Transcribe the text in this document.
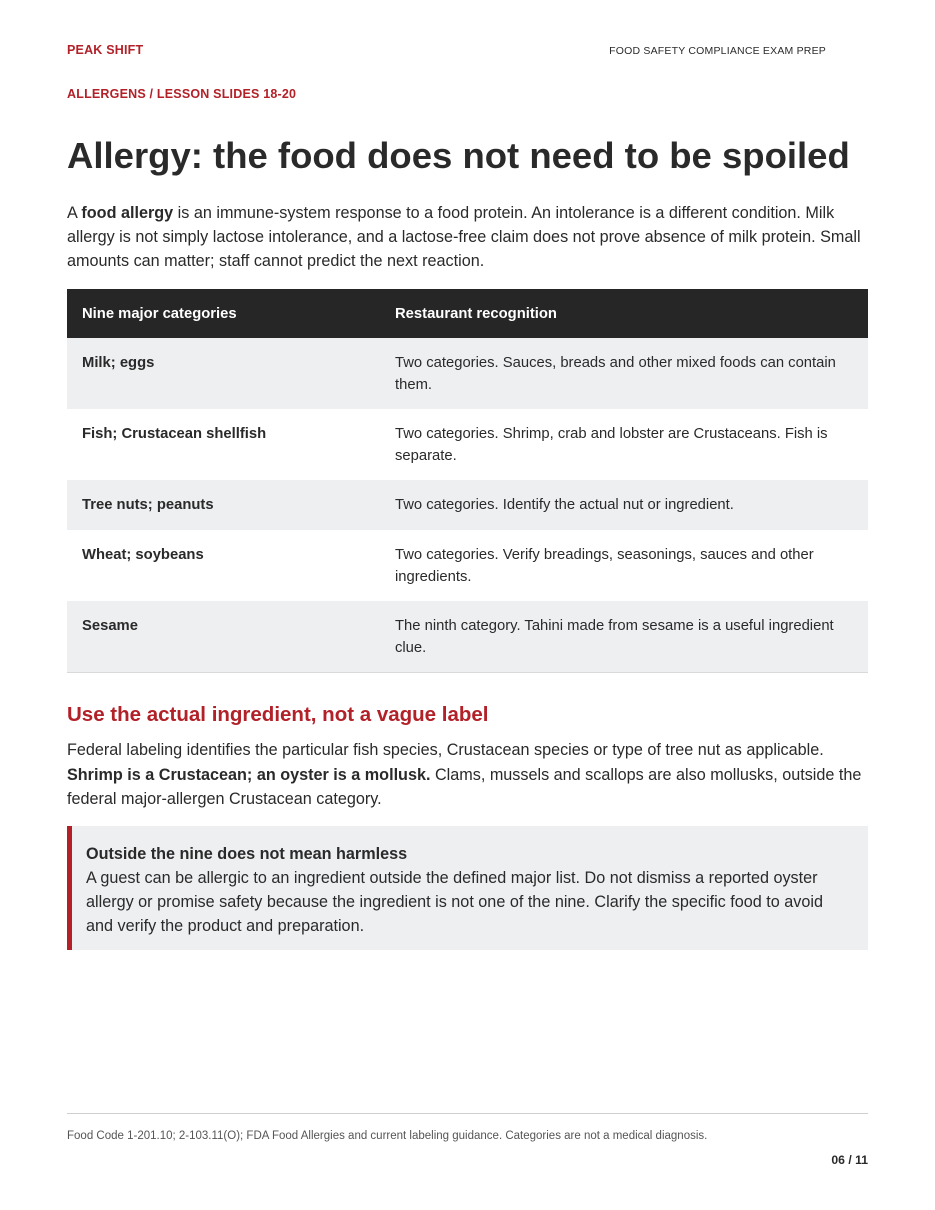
PEAK SHIFT	FOOD SAFETY COMPLIANCE EXAM PREP
ALLERGENS / LESSON SLIDES 18-20
Allergy: the food does not need to be spoiled

A food allergy is an immune-system response to a food protein. An intolerance is a different condition. Milk allergy is not simply lactose intolerance, and a lactose-free claim does not prove absence of milk protein. Small amounts can matter; staff cannot predict the next reaction.

Nine major categories	Restaurant recognition
Milk; eggs	Two categories. Sauces, breads and other mixed foods can contain them.
Fish; Crustacean shellfish	Two categories. Shrimp, crab and lobster are Crustaceans. Fish is separate.
Tree nuts; peanuts	Two categories. Identify the actual nut or ingredient.
Wheat; soybeans	Two categories. Verify breadings, seasonings, sauces and other ingredients.
Sesame	The ninth category. Tahini made from sesame is a useful ingredient clue.
Use the actual ingredient, not a vague label

Federal labeling identifies the particular fish species, Crustacean species or type of tree nut as applicable. Shrimp is a Crustacean; an oyster is a mollusk. Clams, mussels and scallops are also mollusks, outside the federal major-allergen Crustacean category.

Outside the nine does not mean harmless
A guest can be allergic to an ingredient outside the defined major list. Do not dismiss a reported oyster allergy or promise safety because the ingredient is not one of the nine. Clarify the specific food to avoid and verify the product and preparation.
Food Code 1-201.10; 2-103.11(O); FDA Food Allergies and current labeling guidance. Categories are not a medical diagnosis.
06 / 11
